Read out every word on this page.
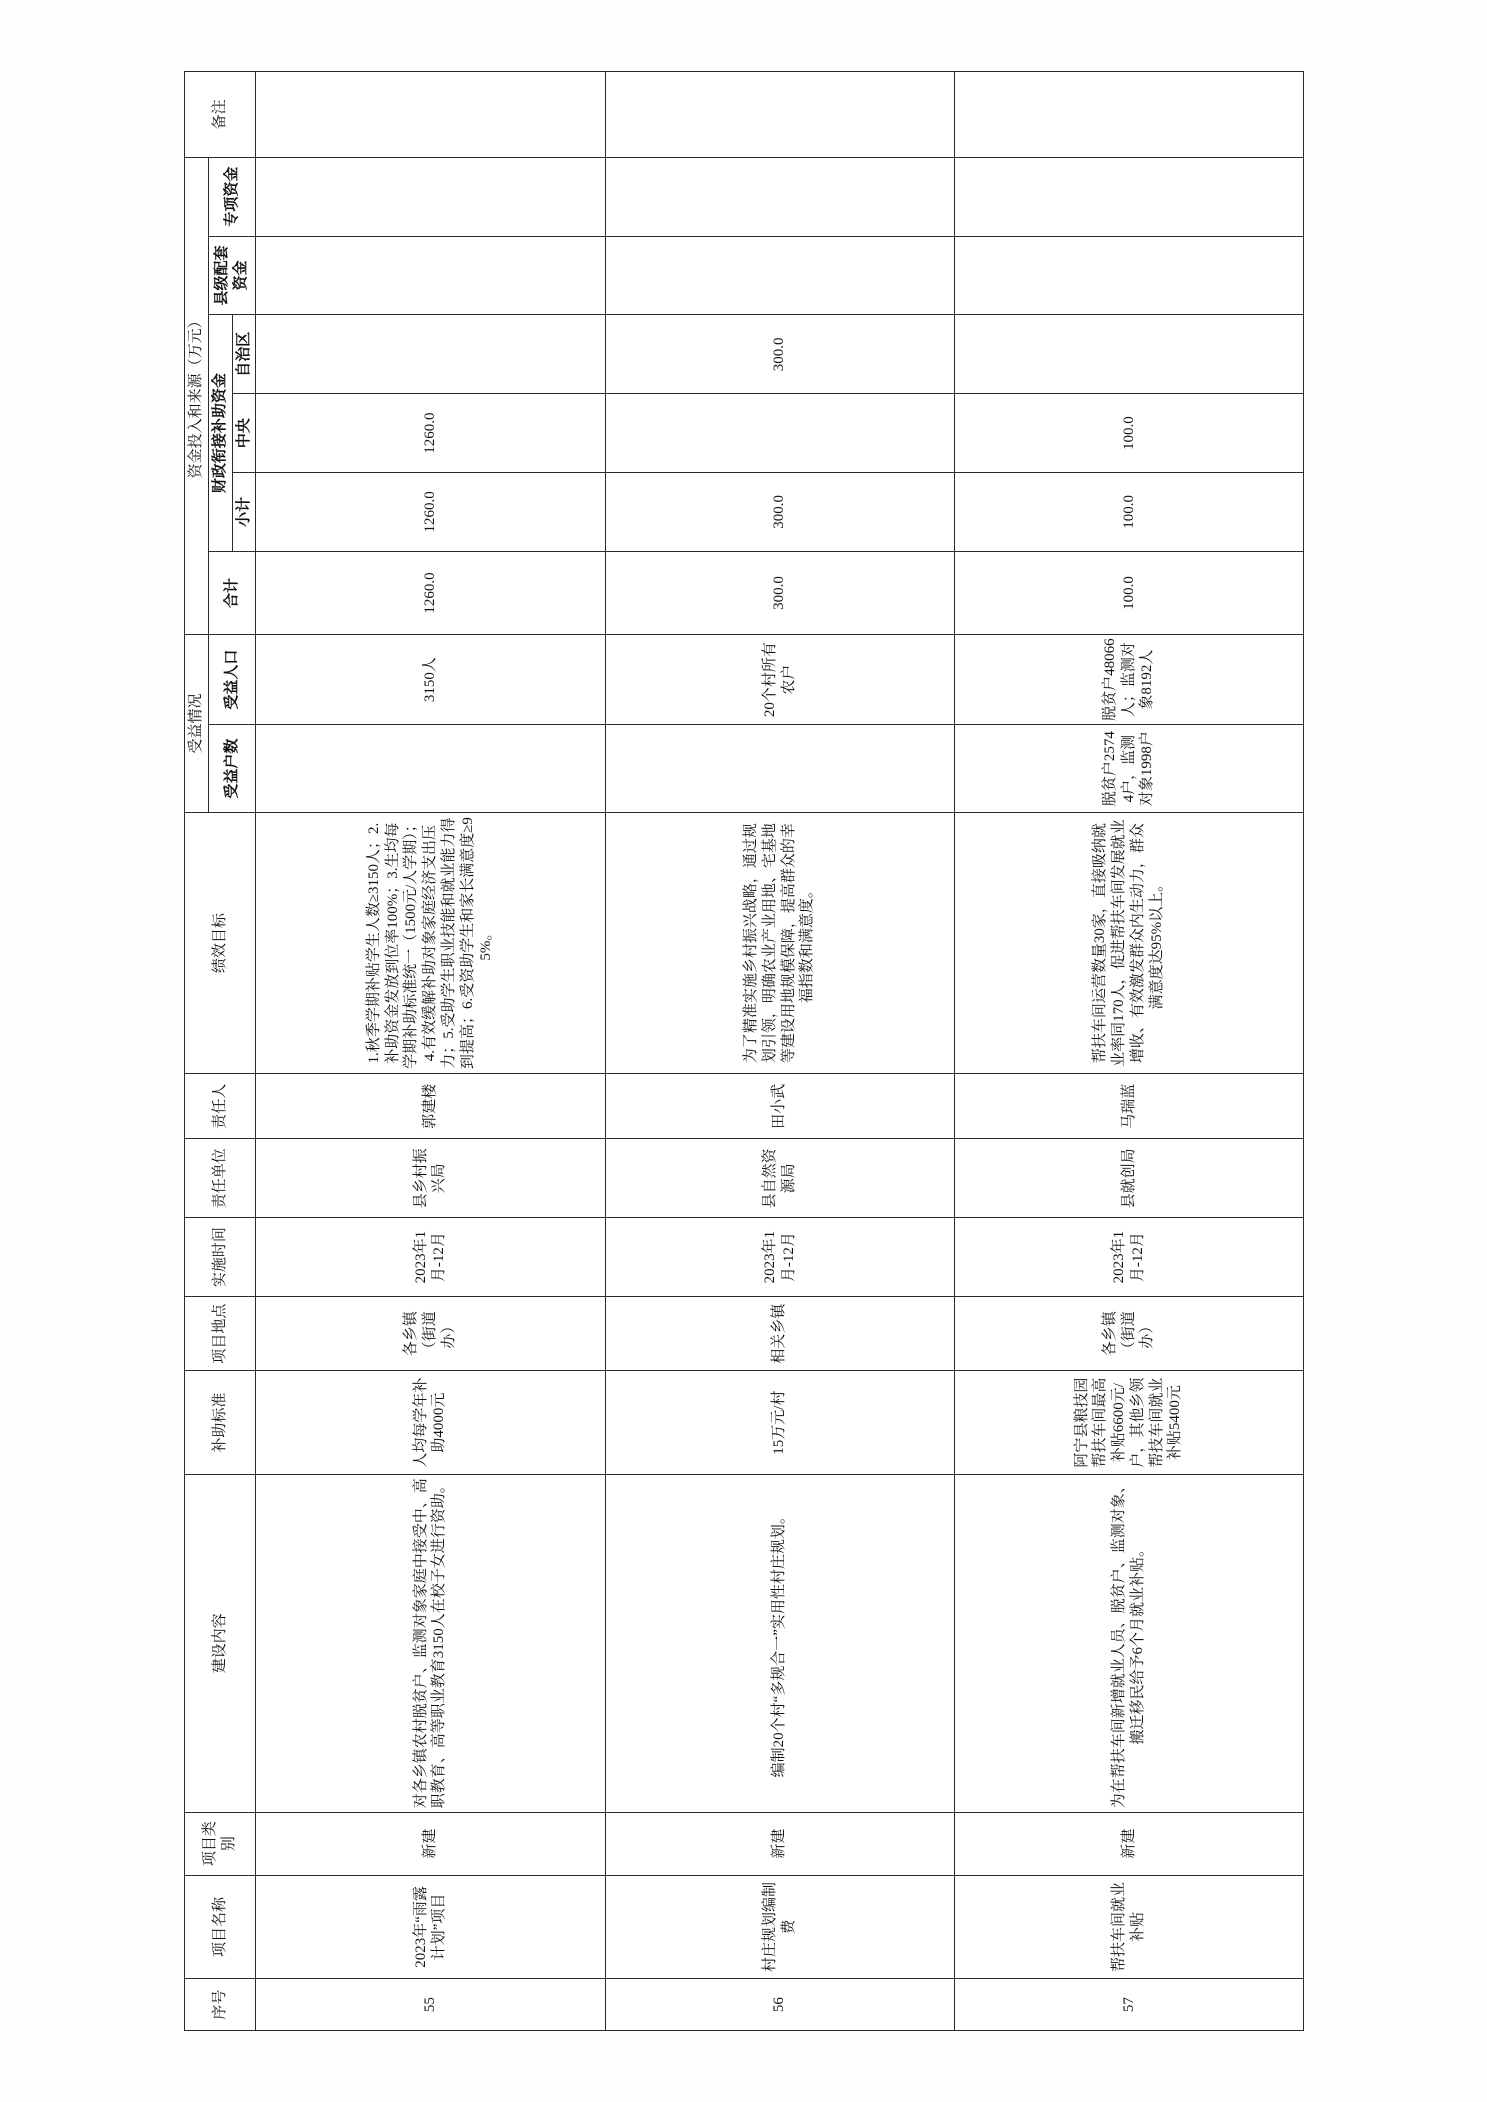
序号	项目名称	项目类别	建设内容	补助标准	项目地点	实施时间	责任单位	责任人	绩效目标	受益情况		资金投入和来源（万元）						备注
										受益户数	受益人口	合计	财政衔接补助资金			县级配套资金	专项资金	
													小计	中央	自治区			
55	2023年“雨露计划”项目	新建	对各乡镇农村脱贫户、监测对象家庭中接受中、高职教育、高等职业教育3150人在校子女进行资助。	人均每学年补助4000元	各乡镇（街道办）	2023年1月-12月	县乡村振兴局	郭建楼	1.秋季学期补贴学生人数≥3150人；2.补助资金发放到位率100%；3.生均每学期补助标准统一（1500元/人学期）；4.有效缓解补助对象家庭经济支出压力；5.受助学生职业技能和就业能力得到提高；6.受资助学生和家长满意度≥95%。		3150人	1260.0	1260.0	1260.0				
56	村庄规划编制费	新建	编制20个村“多规合一”实用性村庄规划。	15万元/村	相关乡镇	2023年1月-12月	县自然资源局	田小武	为了精准实施乡村振兴战略，通过规划引领，明确农业产业用地、宅基地等建设用地规模保障，提高群众的幸福指数和满意度。		20个村所有农户	300.0	300.0		300.0			
57	帮扶车间就业补贴	新建	为在帮扶车间新增就业人员、脱贫户、监测对象、搬迁移民给予6个月就业补贴。	阿宁县粮技园帮扶车间最高补贴6600元/户，其他乡领帮技车间就业补贴5400元	各乡镇（街道办）	2023年1月-12月	县就创局	马瑞蓝	帮扶车间运营数量30家，直接吸纳就业率同170人，促进帮扶车间发展就业增收、有效激发群众内生动力，群众满意度达95%以上。	脱贫户25744户，监测对象1998户	脱贫户48066人；监测对象8192人	100.0	100.0	100.0				
